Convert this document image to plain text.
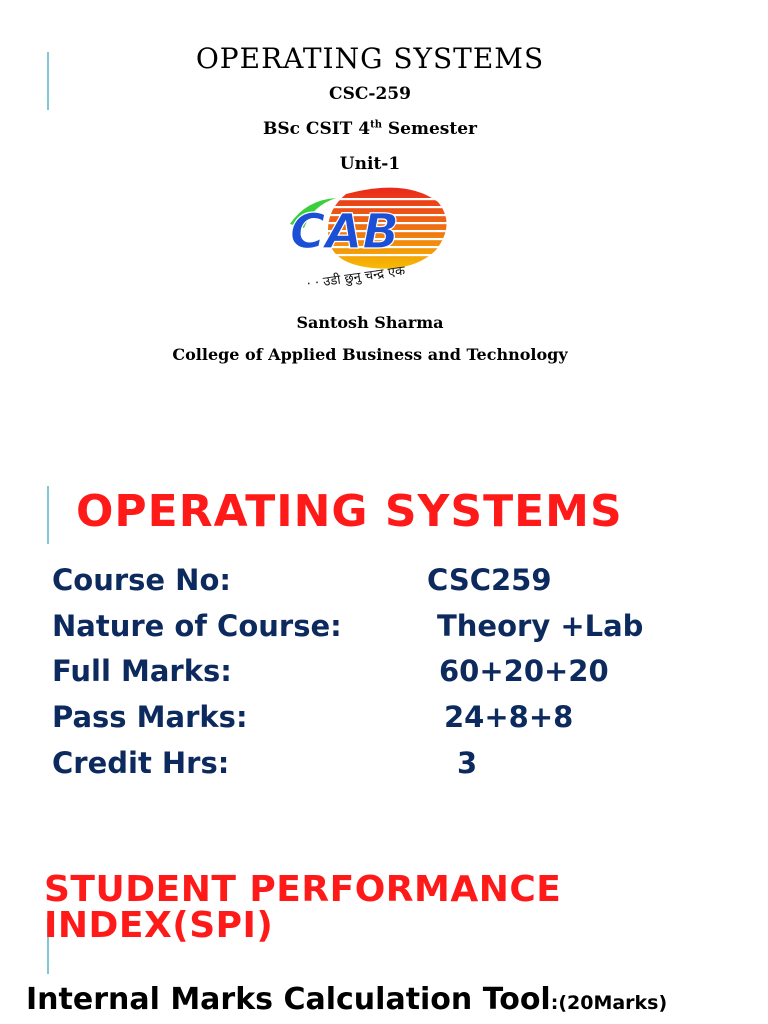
OPERATING SYSTEMS
CSC-259
BSc CSIT 4th Semester
Unit-1
CAB
· · उडी छुनु चन्द्र एक
Santosh Sharma
College of Applied Business and Technology
OPERATING SYSTEMS
Course No:	CSC259
Nature of Course:	Theory +Lab
Full Marks:	60+20+20
Pass Marks:	24+8+8
Credit Hrs:	3
STUDENT PERFORMANCE
INDEX(SPI)
Internal Marks Calculation Tool:(20Marks)
